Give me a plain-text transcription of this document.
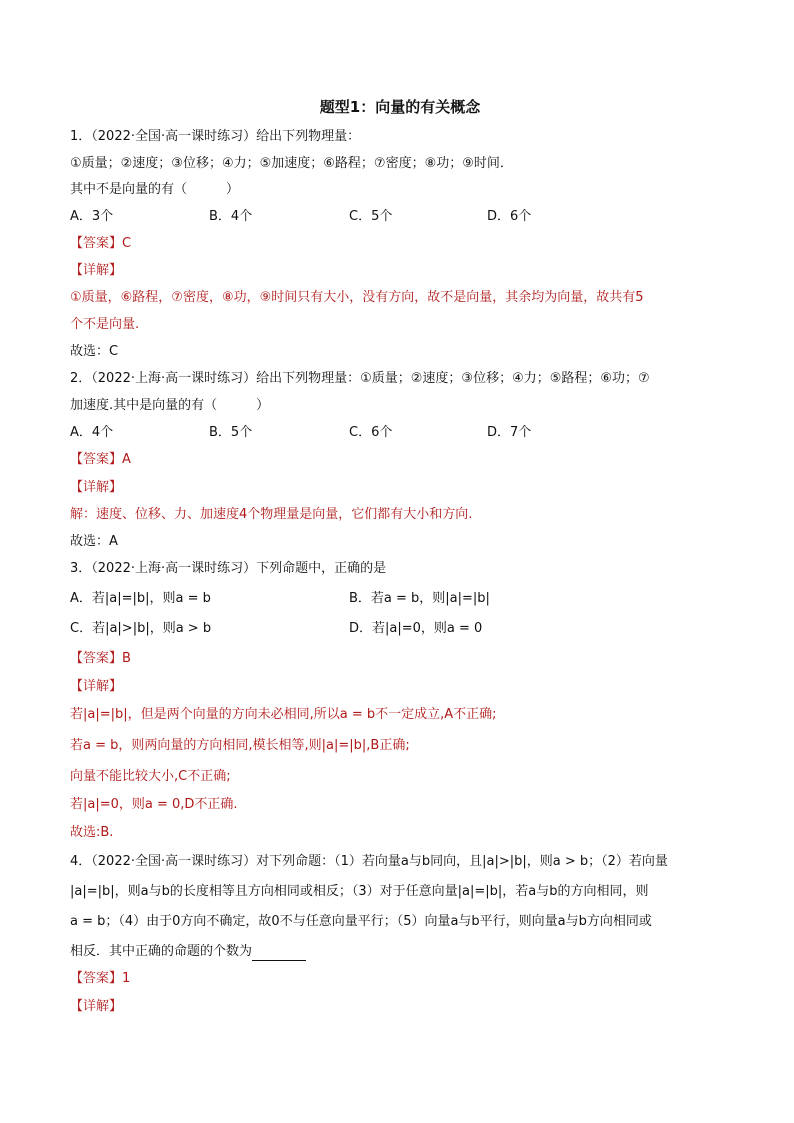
题型1：向量的有关概念
1．（2022·全国·高一课时练习）给出下列物理量：
①质量；②速度；③位移；④力；⑤加速度；⑥路程；⑦密度；⑧功；⑨时间．
其中不是向量的有（　　　）
A．3个	B．4个	C．5个	D．6个
【答案】C
【详解】
①质量，⑥路程，⑦密度，⑧功，⑨时间只有大小，没有方向，故不是向量，其余均为向量，故共有5
个不是向量.
故选：C
2．（2022·上海·高一课时练习）给出下列物理量：①质量；②速度；③位移；④力；⑤路程；⑥功；⑦
加速度.其中是向量的有（　　　）
A．4个	B．5个	C．6个	D．7个
【答案】A
【详解】
解：速度、位移、力、加速度4个物理量是向量，它们都有大小和方向.
故选：A
3．（2022·上海·高一课时练习）下列命题中，正确的是
A．若|a|=|b|，则a = b	B．若a = b，则|a|=|b|
C．若|a|>|b|，则a > b	D．若|a|=0，则a = 0
【答案】B
【详解】
若|a|=|b|，但是两个向量的方向未必相同,所以a = b不一定成立,A不正确;
若a = b，则两向量的方向相同,模长相等,则|a|=|b|,B正确;
向量不能比较大小,C不正确;
若|a|=0，则a = 0,D不正确.
故选:B.
4．（2022·全国·高一课时练习）对下列命题：（1）若向量a与b同向，且|a|>|b|，则a > b；（2）若向量
|a|=|b|，则a与b的长度相等且方向相同或相反；（3）对于任意向量|a|=|b|，若a与b的方向相同，则
a = b；（4）由于0方向不确定，故0不与任意向量平行；（5）向量a与b平行，则向量a与b方向相同或
相反．其中正确的命题的个数为
【答案】1
【详解】
